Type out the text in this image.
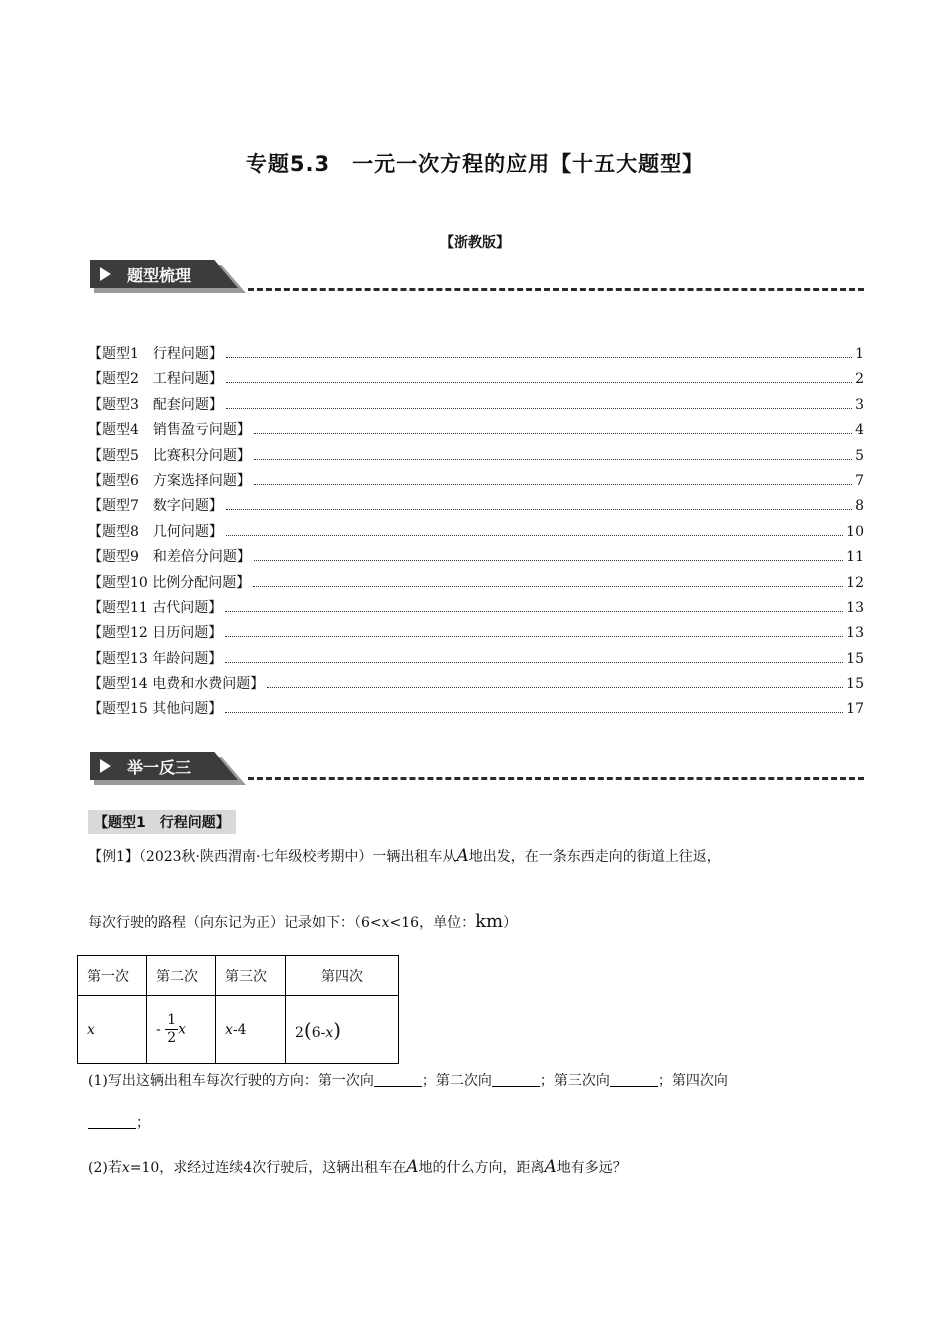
专题5.3　一元一次方程的应用【十五大题型】
【浙教版】
题型梳理
【题型1　行程问题】	1
【题型2　工程问题】	2
【题型3　配套问题】	3
【题型4　销售盈亏问题】	4
【题型5　比赛积分问题】	5
【题型6　方案选择问题】	7
【题型7　数字问题】	8
【题型8　几何问题】	10
【题型9　和差倍分问题】	11
【题型10 比例分配问题】	12
【题型11 古代问题】	13
【题型12 日历问题】	13
【题型13 年龄问题】	15
【题型14 电费和水费问题】	15
【题型15 其他问题】	17
举一反三
【题型1　行程问题】
【例1】（2023秋·陕西渭南·七年级校考期中）一辆出租车从A地出发，在一条东西走向的街道上往返，
每次行驶的路程（向东记为正）记录如下：（6<x<16，单位：km）
第一次	第二次	第三次	第四次
x	- $\frac{1}{2}$ x	x-4	2(6-x)
(1)写出这辆出租车每次行驶的方向：第一次向	；第二次向	；第三次向	；第四次向
；
(2)若x=10，求经过连续4次行驶后，这辆出租车在A地的什么方向，距离A地有多远？
